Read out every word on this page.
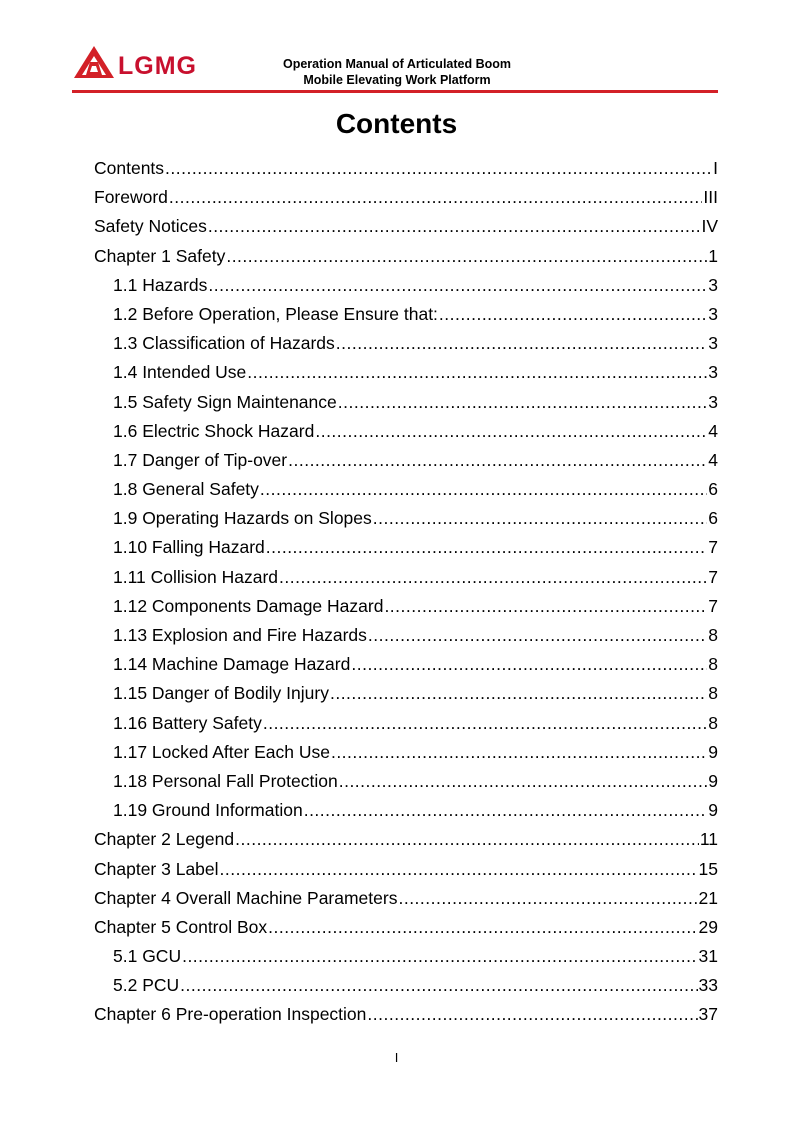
LGMG	Operation Manual of Articulated Boom
Mobile Elevating Work Platform
Contents
Contents .....	I
Foreword .....	III
Safety Notices .....	IV
Chapter 1 Safety .....	1
1.1 Hazards .....	3
1.2 Before Operation, Please Ensure that: .....	3
1.3 Classification of Hazards .....	3
1.4 Intended Use .....	3
1.5 Safety Sign Maintenance .....	3
1.6 Electric Shock Hazard .....	4
1.7 Danger of Tip-over .....	4
1.8 General Safety .....	6
1.9 Operating Hazards on Slopes .....	6
1.10 Falling Hazard .....	7
1.11 Collision Hazard .....	7
1.12 Components Damage Hazard .....	7
1.13 Explosion and Fire Hazards .....	8
1.14 Machine Damage Hazard .....	8
1.15 Danger of Bodily Injury .....	8
1.16 Battery Safety .....	8
1.17 Locked After Each Use .....	9
1.18 Personal Fall Protection .....	9
1.19 Ground Information .....	9
Chapter 2 Legend .....	11
Chapter 3 Label .....	15
Chapter 4 Overall Machine Parameters .....	21
Chapter 5 Control Box .....	29
5.1 GCU .....	31
5.2 PCU .....	33
Chapter 6 Pre-operation Inspection .....	37
I
